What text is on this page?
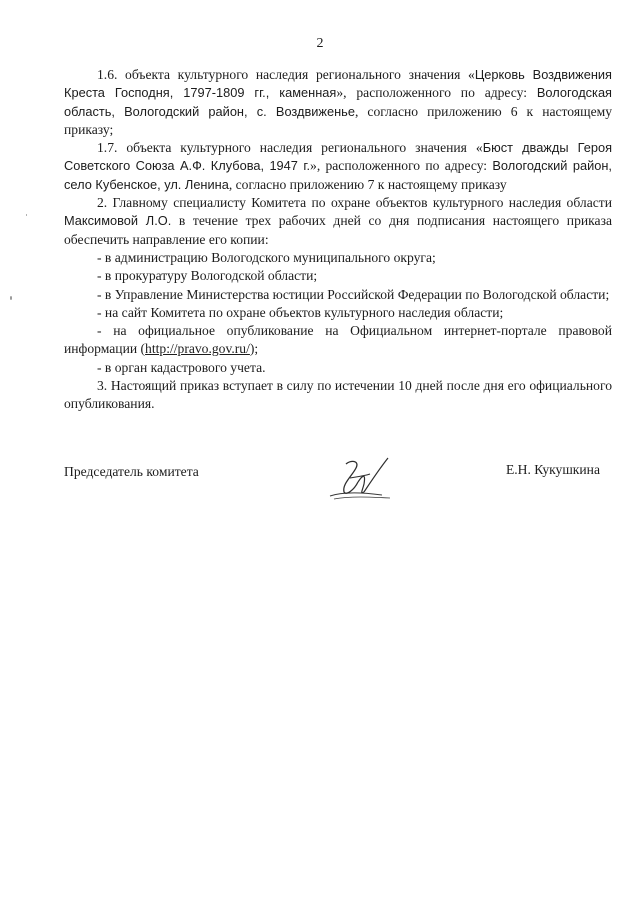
2

1.6. объекта культурного наследия регионального значения «Церковь Воздвижения Креста Господня, 1797-1809 гг., каменная», расположенного по адресу: Вологодская область, Вологодский район, с. Воздвиженье, согласно приложению 6 к настоящему приказу;

1.7. объекта культурного наследия регионального значения «Бюст дважды Героя Советского Союза А.Ф. Клубова, 1947 г.», расположенного по адресу: Вологодский район, село Кубенское, ул. Ленина, согласно приложению 7 к настоящему приказу

2. Главному специалисту Комитета по охране объектов культурного наследия области Максимовой Л.О. в течение трех рабочих дней со дня подписания настоящего приказа обеспечить направление его копии:

- в администрацию Вологодского муниципального округа;

- в прокуратуру Вологодской области;

- в Управление Министерства юстиции Российской Федерации по Вологодской области;

- на сайт Комитета по охране объектов культурного наследия области;

- на официальное опубликование на Официальном интернет-портале правовой информации (http://pravo.gov.ru/);

- в орган кадастрового учета.

3. Настоящий приказ вступает в силу по истечении 10 дней после дня его официального опубликования.

Председатель комитета	Е.Н. Кукушкина
